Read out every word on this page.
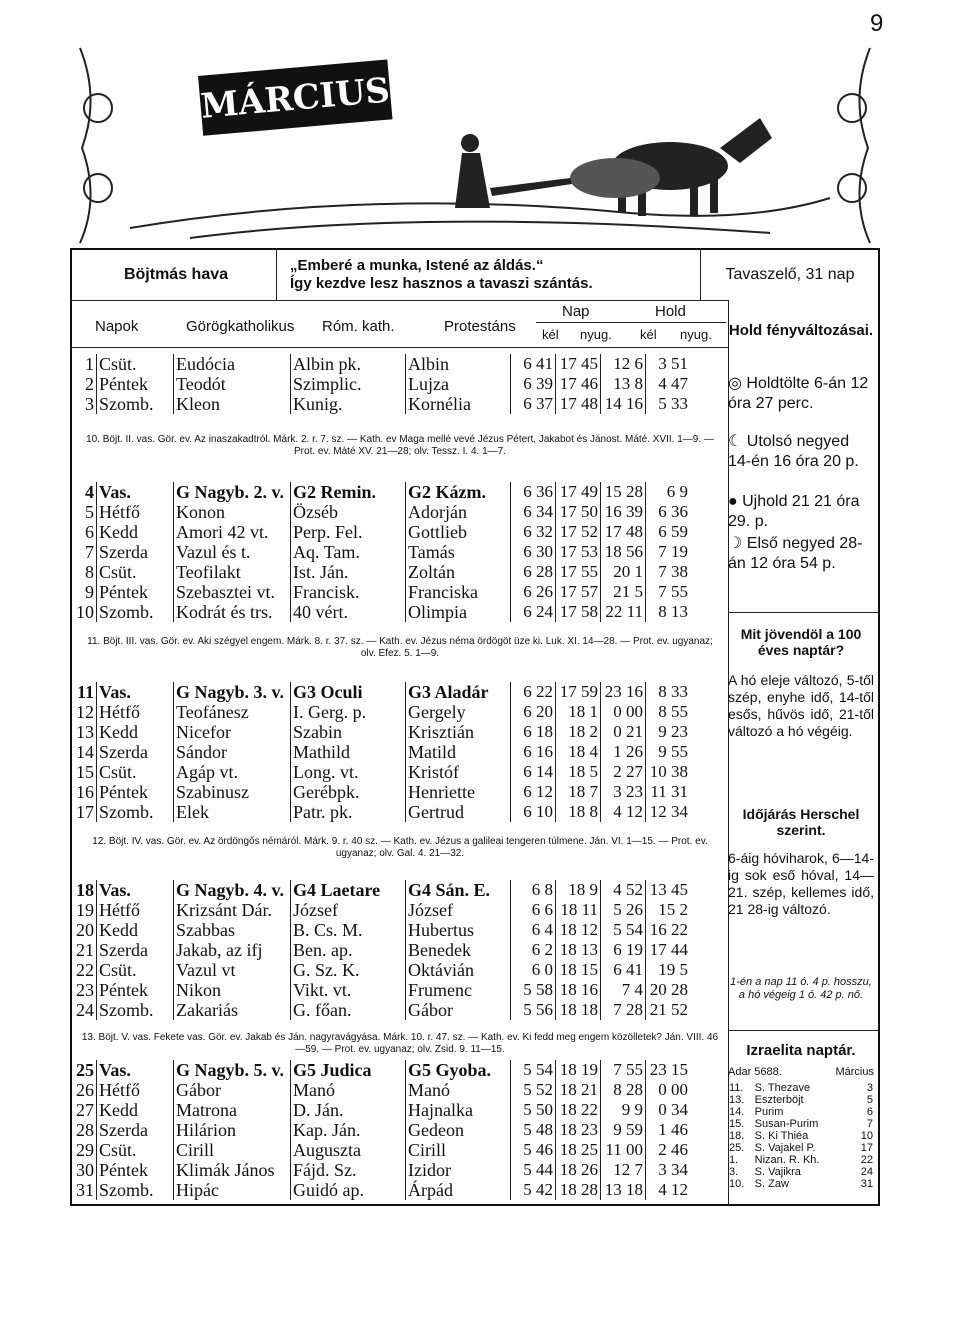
9
MÁRCIUS
Böjtmás hava
„Emberé a munka, Istené az áldás.“
Így kezdve lesz hasznos a tavaszi szántás.
Tavaszelő, 31 nap
Napok	Görögkatholikus Róm. kath.	Protestáns
Nap	Hold
kél nyug. kél nyug.
1	Csüt.	Eudócia	Albin pk.	Albin	6 41	17 45	12 6	3 51
2	Péntek	Teodót	Szimplic.	Lujza	6 39	17 46	13 8	4 47
3	Szomb.	Kleon	Kunig.	Kornélia	6 37	17 48	14 16	5 33
10. Böjt. II. vas. Gör. ev. Az inaszakadtról. Márk. 2. r. 7. sz. — Kath. ev Maga mellé vevé Jézus Pétert, Jakabot és Jánost. Máté. XVII. 1—9. — Prot. ev. Máté XV. 21—28; olv. Tessz. I. 4. 1—7.
4	Vas.	G Nagyb. 2. v.	G2 Remin.	G2 Kázm.	6 36	17 49	15 28	6 9
5	Hétfő	Konon	Özséb	Adorján	6 34	17 50	16 39	6 36
6	Kedd	Amori 42 vt.	Perp. Fel.	Gottlieb	6 32	17 52	17 48	6 59
7	Szerda	Vazul és t.	Aq. Tam.	Tamás	6 30	17 53	18 56	7 19
8	Csüt.	Teofilakt	Ist. Ján.	Zoltán	6 28	17 55	20 1	7 38
9	Péntek	Szebasztei vt.	Francisk.	Franciska	6 26	17 57	21 5	7 55
10	Szomb.	Kodrát és trs.	40 vért.	Olimpia	6 24	17 58	22 11	8 13
11. Böjt. III. vas. Gör. ev. Aki szégyel engem. Márk. 8. r. 37. sz. — Kath. ev. Jézus néma ördögöt üze ki. Luk. XI. 14—28. — Prot. ev. ugyanaz; olv. Efez. 5. 1—9.
11	Vas.	G Nagyb. 3. v.	G3 Oculi	G3 Aladár	6 22	17 59	23 16	8 33
12	Hétfő	Teofánesz	I. Gerg. p.	Gergely	6 20	18 1	0 00	8 55
13	Kedd	Nicefor	Szabin	Krisztián	6 18	18 2	0 21	9 23
14	Szerda	Sándor	Mathild	Matild	6 16	18 4	1 26	9 55
15	Csüt.	Agáp vt.	Long. vt.	Kristóf	6 14	18 5	2 27	10 38
16	Péntek	Szabinusz	Gerébpk.	Henriette	6 12	18 7	3 23	11 31
17	Szomb.	Elek	Patr. pk.	Gertrud	6 10	18 8	4 12	12 34
12. Böjt. IV. vas. Gör. ev. Az ördöngős némáról. Márk. 9. r. 40 sz. — Kath. ev. Jézus a galileai tengeren túlmenе. Ján. VI. 1—15. — Prot. ev. ugyanaz; olv. Gal. 4. 21—32.
18	Vas.	G Nagyb. 4. v.	G4 Laetare	G4 Sán. E.	6 8	18 9	4 52	13 45
19	Hétfő	Krizsánt Dár.	József	József	6 6	18 11	5 26	15 2
20	Kedd	Szabbas	B. Cs. M.	Hubertus	6 4	18 12	5 54	16 22
21	Szerda	Jakab, az ifj	Ben. ap.	Benedek	6 2	18 13	6 19	17 44
22	Csüt.	Vazul vt	G. Sz. K.	Oktávián	6 0	18 15	6 41	19 5
23	Péntek	Nikon	Vikt. vt.	Frumenc	5 58	18 16	7 4	20 28
24	Szomb.	Zakariás	G. főan.	Gábor	5 56	18 18	7 28	21 52
13. Böjt. V. vas. Fekete vas. Gör. ev. Jakab és Ján. nagyravágyása. Márk. 10. r. 47. sz. — Kath. ev. Ki fedd meg engem közölletek? Ján. VIII. 46—59. — Prot. ev. ugyanaz; olv. Zsid. 9. 11—15.
25	Vas.	G Nagyb. 5. v.	G5 Judica	G5 Gyoba.	5 54	18 19	7 55	23 15
26	Hétfő	Gábor	Manó	Manó	5 52	18 21	8 28	0 00
27	Kedd	Matrona	D. Ján.	Hajnalka	5 50	18 22	9 9	0 34
28	Szerda	Hilárion	Kap. Ján.	Gedeon	5 48	18 23	9 59	1 46
29	Csüt.	Cirill	Augusztа	Cirill	5 46	18 25	11 00	2 46
30	Péntek	Klimák János	Fájd. Sz.	Izidor	5 44	18 26	12 7	3 34
31	Szomb.	Hipác	Guidó ap.	Árpád	5 42	18 28	13 18	4 12
Hold fényváltozásai.
◎ Holdtölte 6-án 12 óra 27 perc.
☾ Utolsó negyed 14-én 16 óra 20 p.
● Ujhold 21 21 óra 29. p.
☽ Első negyed 28-án 12 óra 54 p.
Mit jövendöl a 100 éves naptár?
A hó eleje változó, 5-től szép, enyhe idő, 14-től esős, hűvös idő, 21-től változó a hó végéig.
Időjárás Herschel szerint.
6-áig hóviharok, 6—14-ig sok eső hóval, 14—21. szép, kellemes idő, 21 28-ig változó.
1-én a nap 11 ó. 4 p. hosszu, a hó végeig 1 ó. 42 p. nő.
Izraelita naptár.
Adar 5688.	Március
11.	S. Thezave	3
13.	Eszterböjt	5
14.	Purim	6
15.	Susan-Purim	7
18.	S. Ki Thiéa	10
25.	S. Vajakel P.	17
1.	Nizan. R. Kh.	22
3.	S. Vajikra	24
10.	S. Zaw	31
